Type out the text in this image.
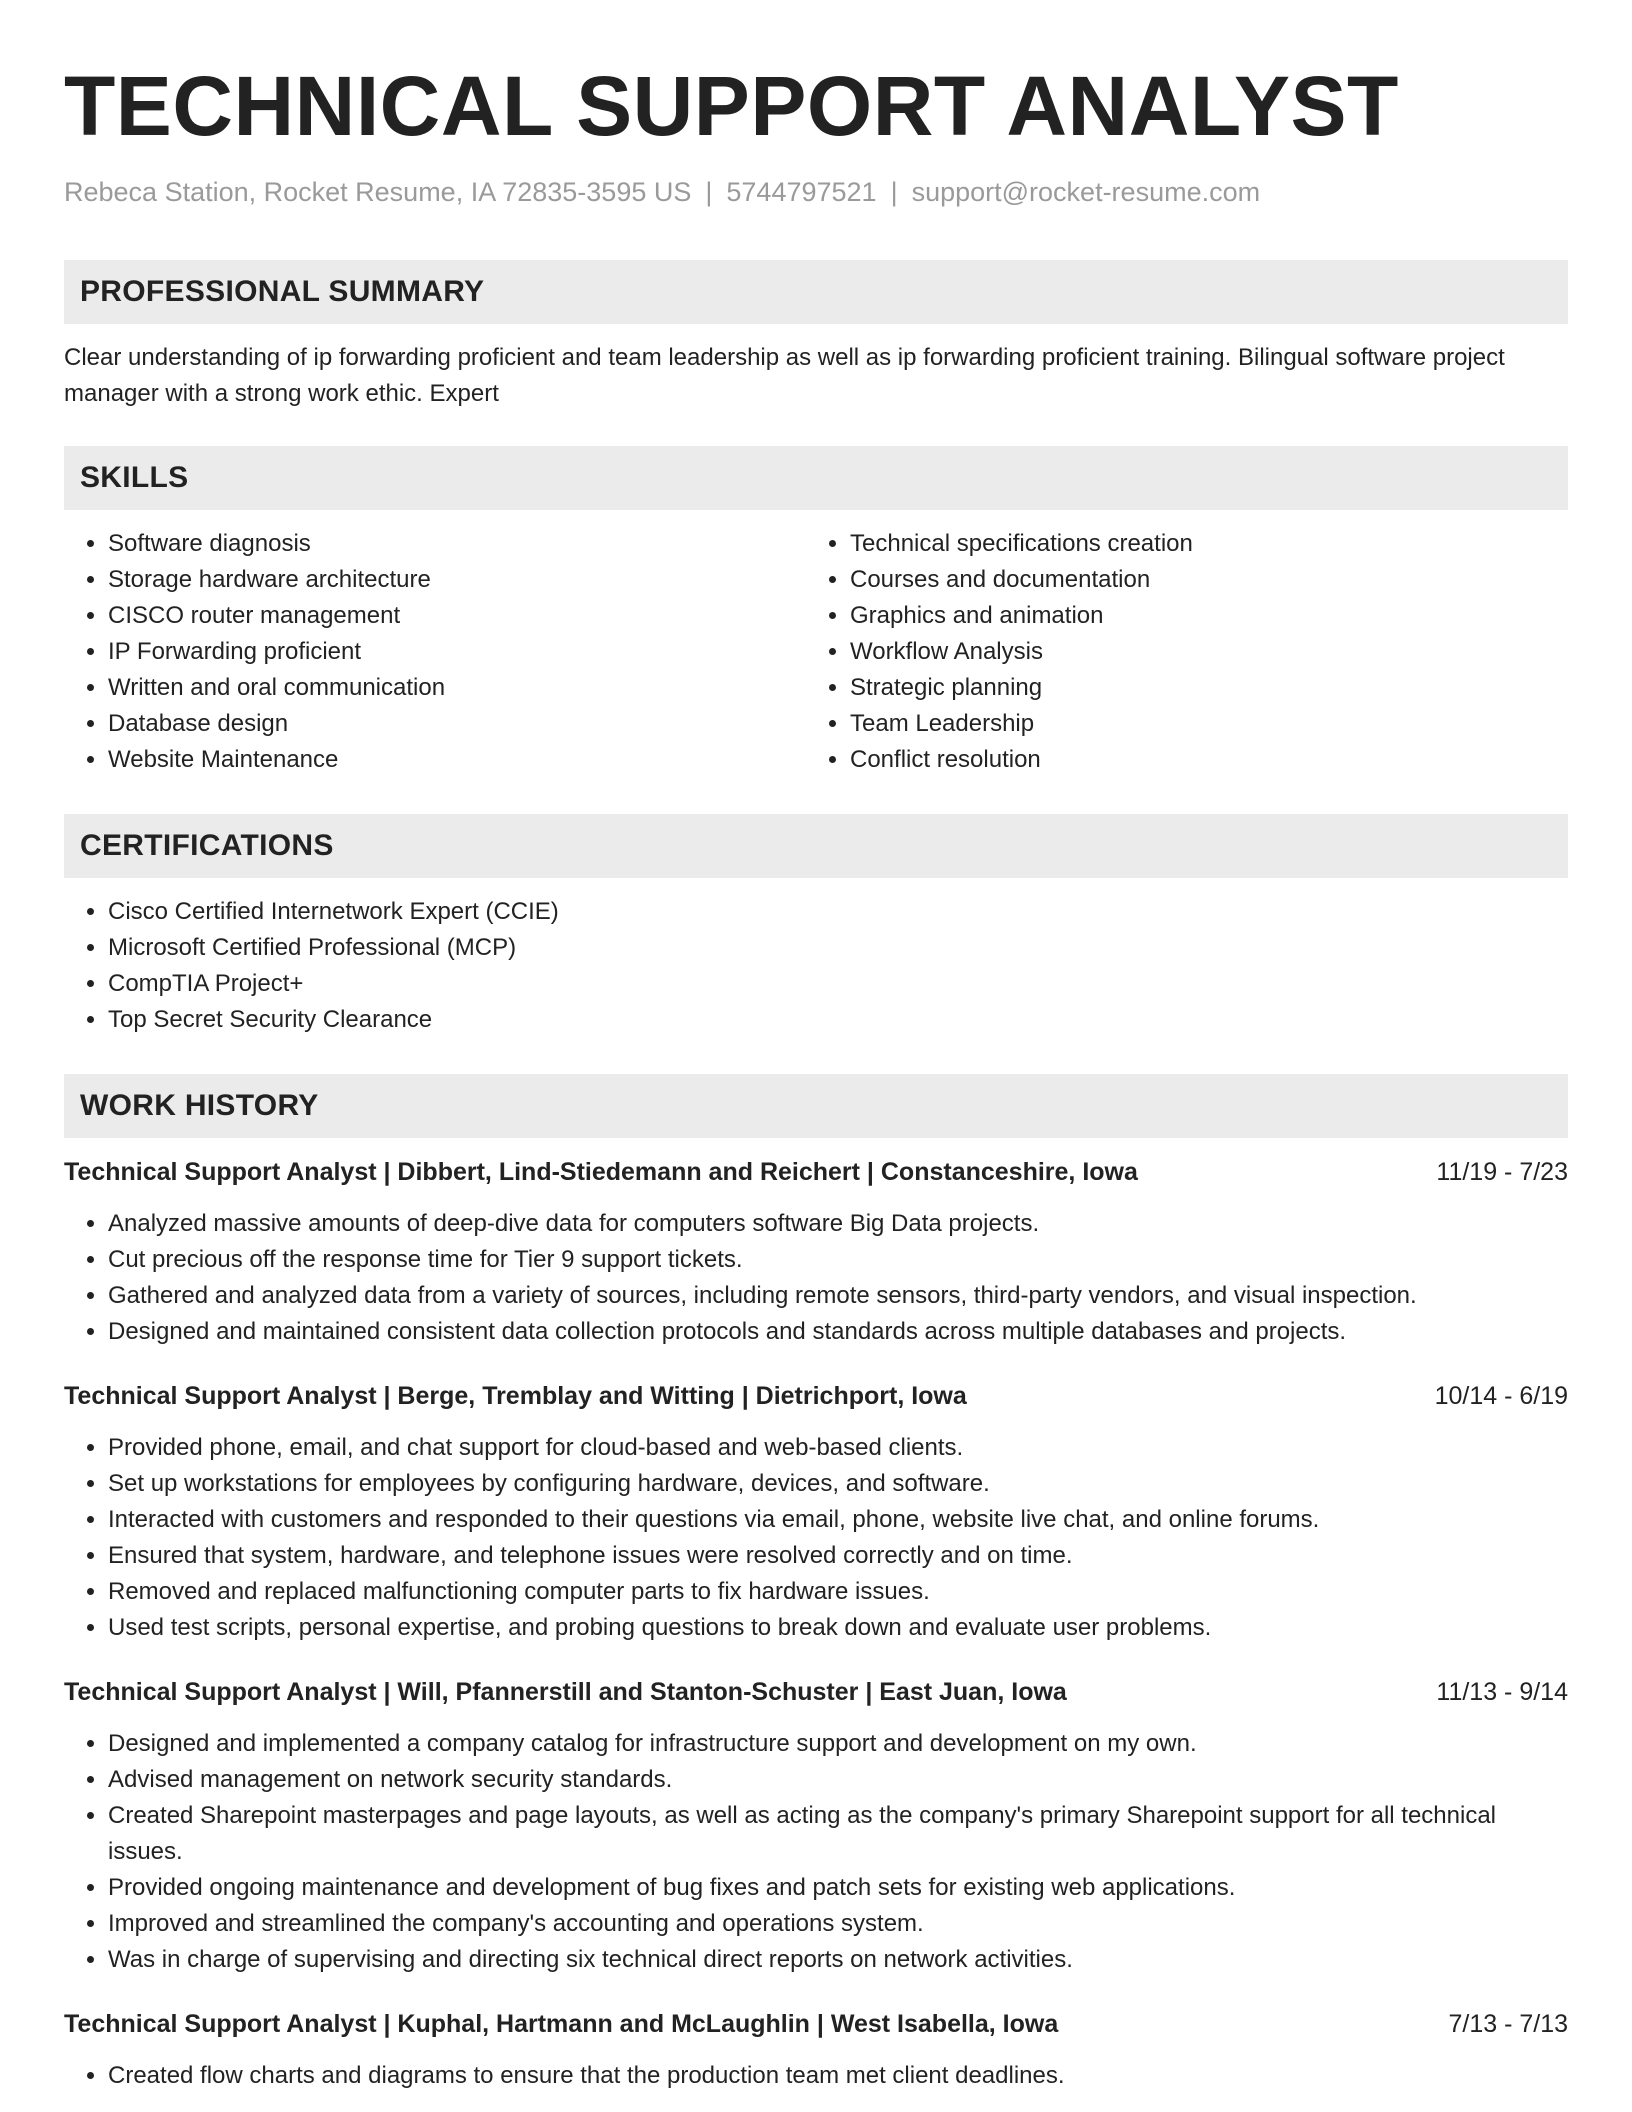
TECHNICAL SUPPORT ANALYST
Rebeca Station, Rocket Resume, IA 72835-3595 US | 5744797521 | support@rocket-resume.com
PROFESSIONAL SUMMARY

Clear understanding of ip forwarding proficient and team leadership as well as ip forwarding proficient training. Bilingual software project manager with a strong work ethic. Expert

SKILLS
• Software diagnosis
• Storage hardware architecture
• CISCO router management
• IP Forwarding proficient
• Written and oral communication
• Database design
• Website Maintenance
• Technical specifications creation
• Courses and documentation
• Graphics and animation
• Workflow Analysis
• Strategic planning
• Team Leadership
• Conflict resolution
CERTIFICATIONS
• Cisco Certified Internetwork Expert (CCIE)
• Microsoft Certified Professional (MCP)
• CompTIA Project+
• Top Secret Security Clearance
WORK HISTORY
Technical Support Analyst | Dibbert, Lind-Stiedemann and Reichert | Constanceshire, Iowa	11/19 - 7/23
• Analyzed massive amounts of deep-dive data for computers software Big Data projects.
• Cut precious off the response time for Tier 9 support tickets.
• Gathered and analyzed data from a variety of sources, including remote sensors, third-party vendors, and visual inspection.
• Designed and maintained consistent data collection protocols and standards across multiple databases and projects.
Technical Support Analyst | Berge, Tremblay and Witting | Dietrichport, Iowa	10/14 - 6/19
• Provided phone, email, and chat support for cloud-based and web-based clients.
• Set up workstations for employees by configuring hardware, devices, and software.
• Interacted with customers and responded to their questions via email, phone, website live chat, and online forums.
• Ensured that system, hardware, and telephone issues were resolved correctly and on time.
• Removed and replaced malfunctioning computer parts to fix hardware issues.
• Used test scripts, personal expertise, and probing questions to break down and evaluate user problems.
Technical Support Analyst | Will, Pfannerstill and Stanton-Schuster | East Juan, Iowa	11/13 - 9/14
• Designed and implemented a company catalog for infrastructure support and development on my own.
• Advised management on network security standards.
• Created Sharepoint masterpages and page layouts, as well as acting as the company's primary Sharepoint support for all technical issues.
• Provided ongoing maintenance and development of bug fixes and patch sets for existing web applications.
• Improved and streamlined the company's accounting and operations system.
• Was in charge of supervising and directing six technical direct reports on network activities.
Technical Support Analyst | Kuphal, Hartmann and McLaughlin | West Isabella, Iowa	7/13 - 7/13
• Created flow charts and diagrams to ensure that the production team met client deadlines.
